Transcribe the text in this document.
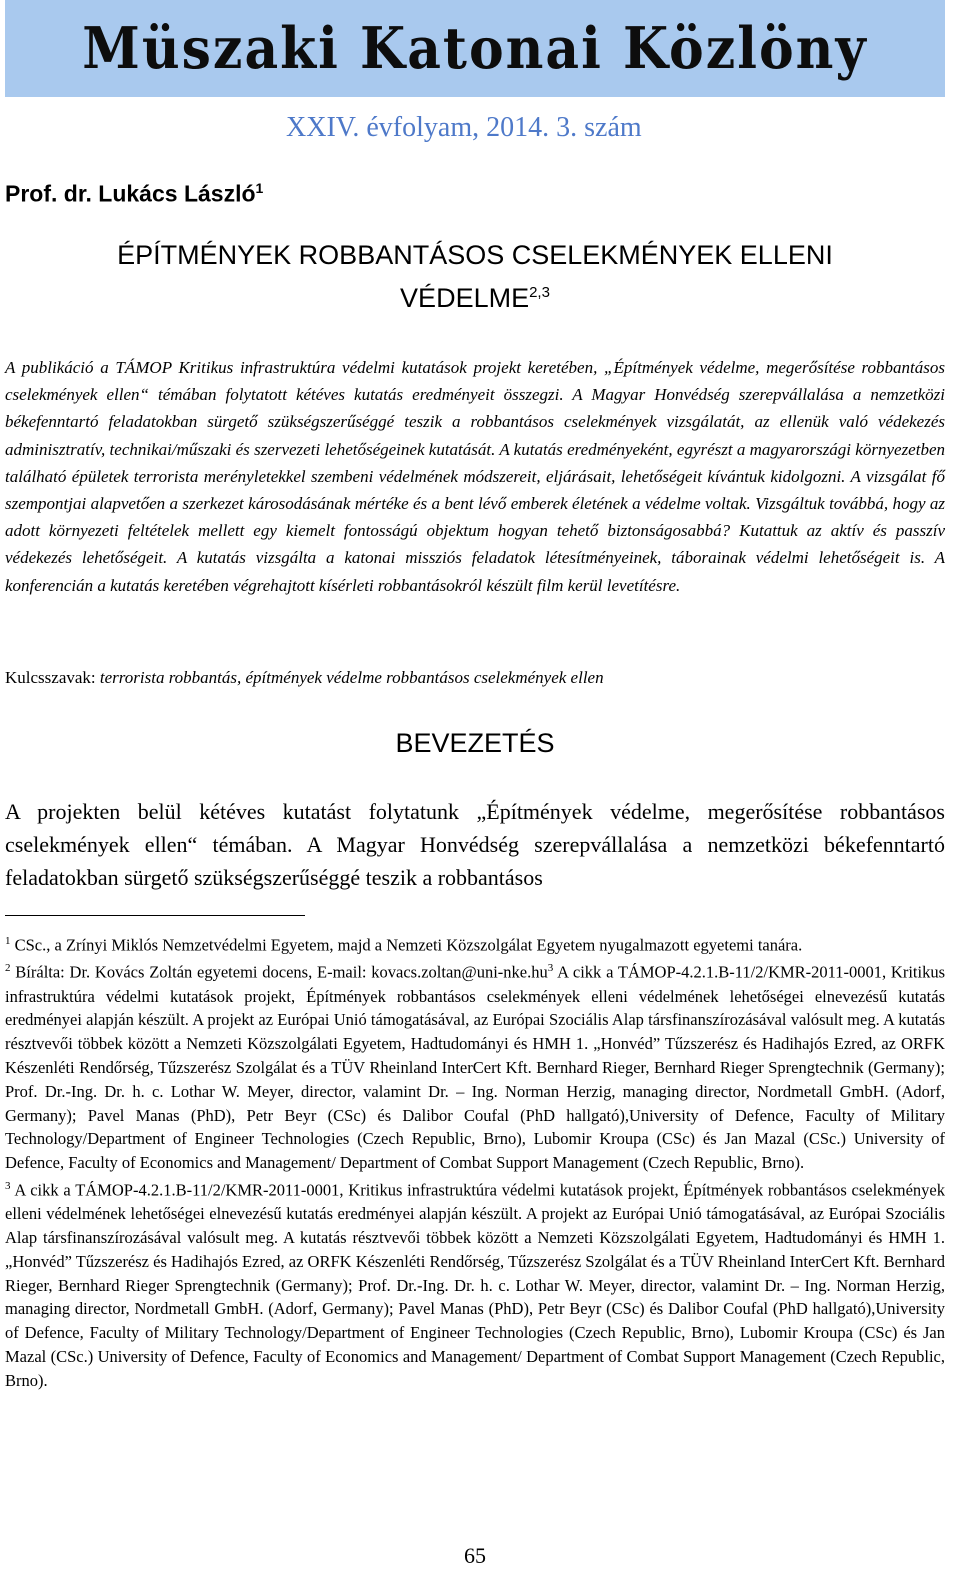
Müszaki Katonai Közlöny
XXIV. évfolyam, 2014. 3. szám
Prof. dr. Lukács László$^1$
ÉPÍTMÉNYEK ROBBANTÁSOS CSELEKMÉNYEK ELLENI
VÉDELME$^{2,3}$

A publikáció a TÁMOP Kritikus infrastruktúra védelmi kutatások projekt keretében, „Építmények védelme, megerősítése robbantásos cselekmények ellen“ témában folytatott kétéves kutatás eredményeit összegzi. A Magyar Honvédség szerepvállalása a nemzetközi békefenntartó feladatokban sürgető szükségszerűséggé teszik a robbantásos cselekmények vizsgálatát, az ellenük való védekezés adminisztratív, technikai/műszaki és szervezeti lehetőségeinek kutatását. A kutatás eredményeként, egyrészt a magyarországi környezetben található épületek terrorista merényletekkel szembeni védelmének módszereit, eljárásait, lehetőségeit kívántuk kidolgozni. A vizsgálat fő szempontjai alapvetően a szerkezet károsodásának mértéke és a bent lévő emberek életének a védelme voltak. Vizsgáltuk továbbá, hogy az adott környezeti feltételek mellett egy kiemelt fontosságú objektum hogyan tehető biztonságosabbá? Kutattuk az aktív és passzív védekezés lehetőségeit. A kutatás vizsgálta a katonai missziós feladatok létesítményeinek, táborainak védelmi lehetőségeit is. A konferencián a kutatás keretében végrehajtott kísérleti robbantásokról készült film kerül levetítésre.

Kulcsszavak: terrorista robbantás, építmények védelme robbantásos cselekmények ellen

BEVEZETÉS

A projekten belül kétéves kutatást folytatunk „Építmények védelme, megerősítése robbantásos cselekmények ellen“ témában. A Magyar Honvédség szerepvállalása a nemzetközi békefenntartó feladatokban sürgető szükségszerűséggé teszik a robbantásos

$^1$ CSc., a Zrínyi Miklós Nemzetvédelmi Egyetem, majd a Nemzeti Közszolgálat Egyetem nyugalmazott egyetemi tanára.

$^2$ Bírálta: Dr. Kovács Zoltán egyetemi docens, E-mail: $kovacs.zoltan@uni-nke.hu^3$ A cikk a TÁMOP-4.2.1.B-11/2/KMR-2011-0001, Kritikus infrastruktúra védelmi kutatások projekt, Építmények robbantásos cselekmények elleni védelmének lehetőségei elnevezésű kutatás eredményei alapján készült. A projekt az Európai Unió támogatásával, az Európai Szociális Alap társfinanszírozásával valósult meg. A kutatás résztvevői többek között a Nemzeti Közszolgálati Egyetem, Hadtudományi és HMH 1. „Honvéd” Tűzszerész és Hadihajós Ezred, az ORFK Készenléti Rendőrség, Tűzszerész Szolgálat és a TÜV Rheinland InterCert Kft. Bernhard Rieger, Bernhard Rieger Sprengtechnik (Germany); Prof. Dr.-Ing. Dr. h. c. Lothar W. Meyer, director, valamint Dr. – Ing. Norman Herzig, managing director, Nordmetall GmbH. (Adorf, Germany); Pavel Manas (PhD), Petr Beyr (CSc) és Dalibor Coufal (PhD hallgató),University of Defence, Faculty of Military Technology/Department of Engineer Technologies (Czech Republic, Brno), Lubomir Kroupa (CSc) és Jan Mazal (CSc.) University of Defence, Faculty of Economics and Management/ Department of Combat Support Management (Czech Republic, Brno).

$^3$ A cikk a TÁMOP-4.2.1.B-11/2/KMR-2011-0001, Kritikus infrastruktúra védelmi kutatások projekt, Építmények robbantásos cselekmények elleni védelmének lehetőségei elnevezésű kutatás eredményei alapján készült. A projekt az Európai Unió támogatásával, az Európai Szociális Alap társfinanszírozásával valósult meg. A kutatás résztvevői többek között a Nemzeti Közszolgálati Egyetem, Hadtudományi és HMH 1. „Honvéd” Tűzszerész és Hadihajós Ezred, az ORFK Készenléti Rendőrség, Tűzszerész Szolgálat és a TÜV Rheinland InterCert Kft. Bernhard Rieger, Bernhard Rieger Sprengtechnik (Germany); Prof. Dr.-Ing. Dr. h. c. Lothar W. Meyer, director, valamint Dr. – Ing. Norman Herzig, managing director, Nordmetall GmbH. (Adorf, Germany); Pavel Manas (PhD), Petr Beyr (CSc) és Dalibor Coufal (PhD hallgató),University of Defence, Faculty of Military Technology/Department of Engineer Technologies (Czech Republic, Brno), Lubomir Kroupa (CSc) és Jan Mazal (CSc.) University of Defence, Faculty of Economics and Management/ Department of Combat Support Management (Czech Republic, Brno).

65
